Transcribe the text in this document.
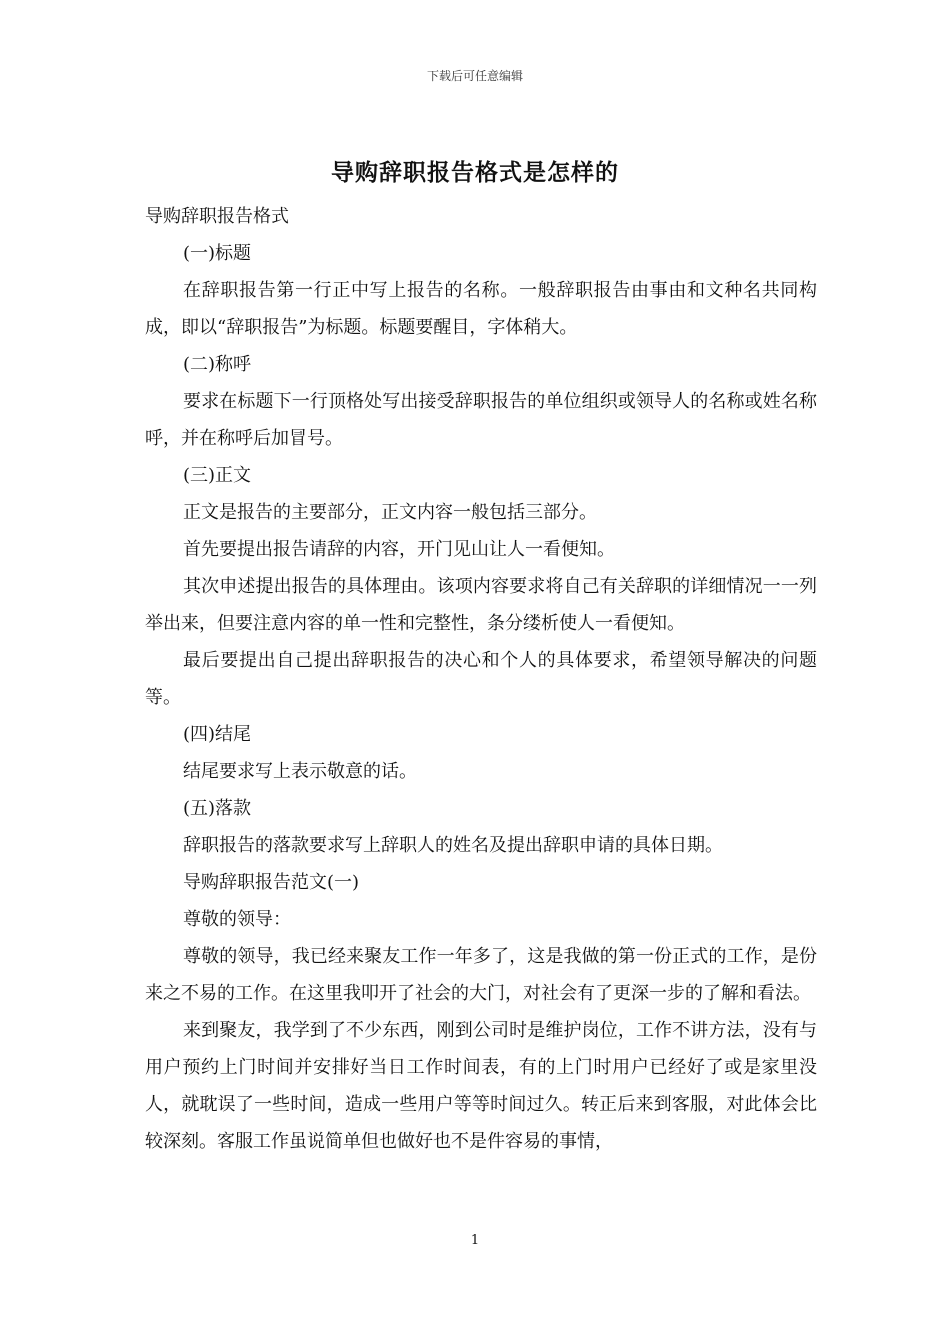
下载后可任意编辑
导购辞职报告格式是怎样的

导购辞职报告格式

(一)标题

在辞职报告第一行正中写上报告的名称。一般辞职报告由事由和文种名共同构成，即以“辞职报告”为标题。标题要醒目，字体稍大。

(二)称呼

要求在标题下一行顶格处写出接受辞职报告的单位组织或领导人的名称或姓名称呼，并在称呼后加冒号。

(三)正文

正文是报告的主要部分，正文内容一般包括三部分。

首先要提出报告请辞的内容，开门见山让人一看便知。

其次申述提出报告的具体理由。该项内容要求将自己有关辞职的详细情况一一列举出来，但要注意内容的单一性和完整性，条分缕析使人一看便知。

最后要提出自己提出辞职报告的决心和个人的具体要求，希望领导解决的问题等。

(四)结尾

结尾要求写上表示敬意的话。

(五)落款

辞职报告的落款要求写上辞职人的姓名及提出辞职申请的具体日期。

导购辞职报告范文(一)

尊敬的领导：

尊敬的领导，我已经来聚友工作一年多了，这是我做的第一份正式的工作，是份来之不易的工作。在这里我叩开了社会的大门，对社会有了更深一步的了解和看法。

来到聚友，我学到了不少东西，刚到公司时是维护岗位，工作不讲方法，没有与用户预约上门时间并安排好当日工作时间表，有的上门时用户已经好了或是家里没人，就耽误了一些时间，造成一些用户等等时间过久。转正后来到客服，对此体会比较深刻。客服工作虽说简单但也做好也不是件容易的事情，

1
